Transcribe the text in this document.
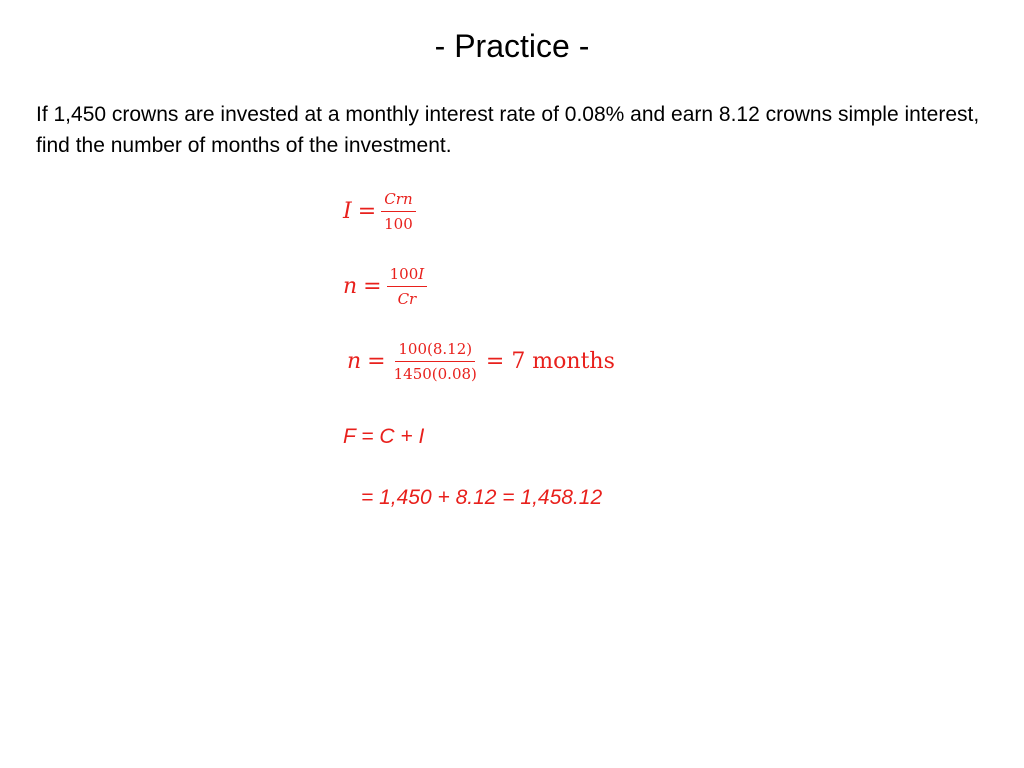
- Practice -
If 1,450 crowns are invested at a monthly interest rate of 0.08% and earn 8.12 crowns simple interest, find the number of months of the investment.
$I = \frac{\text{Crn}}{100}$
$n = \frac{100I}{Cr}$
$n = \frac{100(8.12)}{1450(0.08)} = 7$ months
F = C + I
= 1,450 + 8.12 = 1,458.12
